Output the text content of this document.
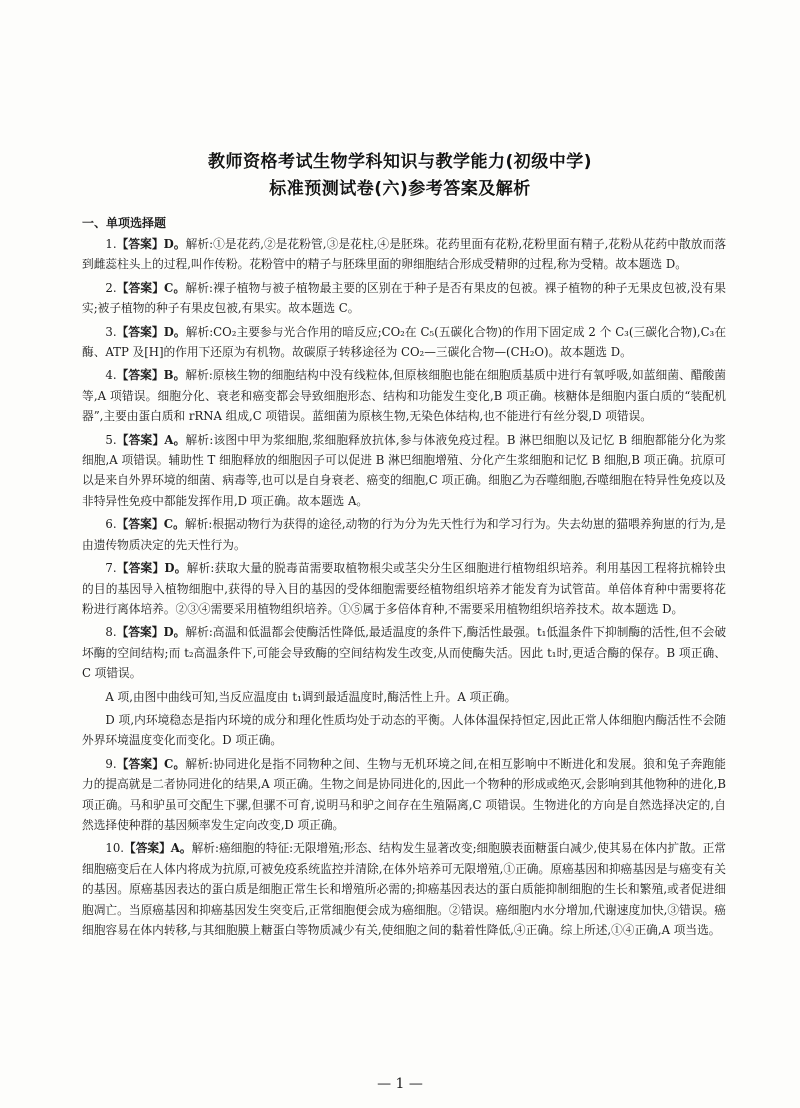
教师资格考试生物学科知识与教学能力(初级中学)
标准预测试卷(六)参考答案及解析
一、单项选择题

1.【答案】D。解析:①是花药,②是花粉管,③是花柱,④是胚珠。花药里面有花粉,花粉里面有精子,花粉从花药中散放而落到雌蕊柱头上的过程,叫作传粉。花粉管中的精子与胚珠里面的卵细胞结合形成受精卵的过程,称为受精。故本题选 D。

2.【答案】C。解析:裸子植物与被子植物最主要的区别在于种子是否有果皮的包被。裸子植物的种子无果皮包被,没有果实;被子植物的种子有果皮包被,有果实。故本题选 C。

3.【答案】D。解析:CO₂主要参与光合作用的暗反应;CO₂在 C₅(五碳化合物)的作用下固定成 2 个 C₃(三碳化合物),C₃在酶、ATP 及[H]的作用下还原为有机物。故碳原子转移途径为 CO₂—三碳化合物—(CH₂O)。故本题选 D。

4.【答案】B。解析:原核生物的细胞结构中没有线粒体,但原核细胞也能在细胞质基质中进行有氧呼吸,如蓝细菌、醋酸菌等,A 项错误。细胞分化、衰老和癌变都会导致细胞形态、结构和功能发生变化,B 项正确。核糖体是细胞内蛋白质的“装配机器”,主要由蛋白质和 rRNA 组成,C 项错误。蓝细菌为原核生物,无染色体结构,也不能进行有丝分裂,D 项错误。

5.【答案】A。解析:该图中甲为浆细胞,浆细胞释放抗体,参与体液免疫过程。B 淋巴细胞以及记忆 B 细胞都能分化为浆细胞,A 项错误。辅助性 T 细胞释放的细胞因子可以促进 B 淋巴细胞增殖、分化产生浆细胞和记忆 B 细胞,B 项正确。抗原可以是来自外界环境的细菌、病毒等,也可以是自身衰老、癌变的细胞,C 项正确。细胞乙为吞噬细胞,吞噬细胞在特异性免疫以及非特异性免疫中都能发挥作用,D 项正确。故本题选 A。

6.【答案】C。解析:根据动物行为获得的途径,动物的行为分为先天性行为和学习行为。失去幼崽的猫喂养狗崽的行为,是由遗传物质决定的先天性行为。

7.【答案】D。解析:获取大量的脱毒苗需要取植物根尖或茎尖分生区细胞进行植物组织培养。利用基因工程将抗棉铃虫的目的基因导入植物细胞中,获得的导入目的基因的受体细胞需要经植物组织培养才能发育为试管苗。单倍体育种中需要将花粉进行离体培养。②③④需要采用植物组织培养。①⑤属于多倍体育种,不需要采用植物组织培养技术。故本题选 D。

8.【答案】D。解析:高温和低温都会使酶活性降低,最适温度的条件下,酶活性最强。t₁低温条件下抑制酶的活性,但不会破坏酶的空间结构;而 t₂高温条件下,可能会导致酶的空间结构发生改变,从而使酶失活。因此 t₁时,更适合酶的保存。B 项正确、C 项错误。

A 项,由图中曲线可知,当反应温度由 t₁调到最适温度时,酶活性上升。A 项正确。

D 项,内环境稳态是指内环境的成分和理化性质均处于动态的平衡。人体体温保持恒定,因此正常人体细胞内酶活性不会随外界环境温度变化而变化。D 项正确。

9.【答案】C。解析:协同进化是指不同物种之间、生物与无机环境之间,在相互影响中不断进化和发展。狼和兔子奔跑能力的提高就是二者协同进化的结果,A 项正确。生物之间是协同进化的,因此一个物种的形成或绝灭,会影响到其他物种的进化,B 项正确。马和驴虽可交配生下骡,但骡不可育,说明马和驴之间存在生殖隔离,C 项错误。生物进化的方向是自然选择决定的,自然选择使种群的基因频率发生定向改变,D 项正确。

10.【答案】A。解析:癌细胞的特征:无限增殖;形态、结构发生显著改变;细胞膜表面糖蛋白减少,使其易在体内扩散。正常细胞癌变后在人体内将成为抗原,可被免疫系统监控并清除,在体外培养可无限增殖,①正确。原癌基因和抑癌基因是与癌变有关的基因。原癌基因表达的蛋白质是细胞正常生长和增殖所必需的;抑癌基因表达的蛋白质能抑制细胞的生长和繁殖,或者促进细胞凋亡。当原癌基因和抑癌基因发生突变后,正常细胞便会成为癌细胞。②错误。癌细胞内水分增加,代谢速度加快,③错误。癌细胞容易在体内转移,与其细胞膜上糖蛋白等物质减少有关,使细胞之间的黏着性降低,④正确。综上所述,①④正确,A 项当选。

— 1 —
